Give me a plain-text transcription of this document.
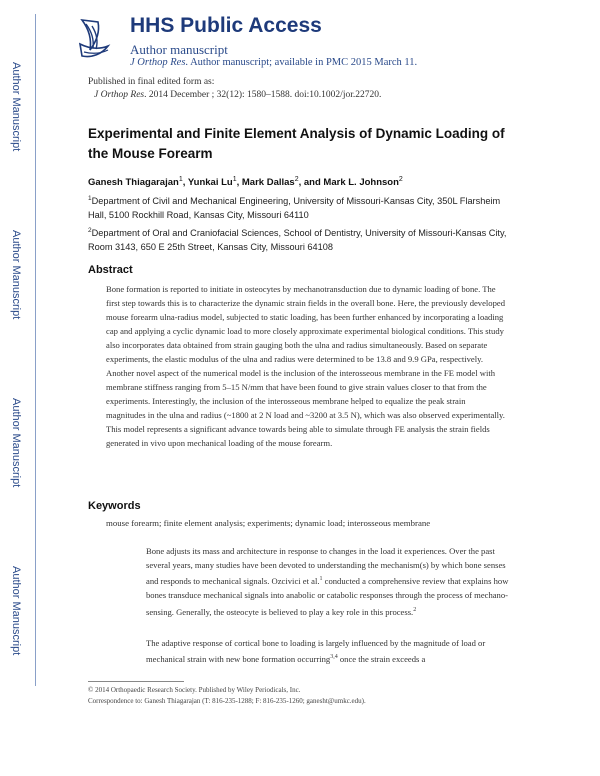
Author Manuscript
Author Manuscript
Author Manuscript
Author Manuscript
HHS Public Access
Author manuscript
J Orthop Res. Author manuscript; available in PMC 2015 March 11.
Published in final edited form as:
J Orthop Res. 2014 December ; 32(12): 1580–1588. doi:10.1002/jor.22720.
Experimental and Finite Element Analysis of Dynamic Loading of the Mouse Forearm
Ganesh Thiagarajan$^1$, Yunkai Lu$^1$, Mark Dallas$^2$, and Mark L. Johnson$^2$
$^1$Department of Civil and Mechanical Engineering, University of Missouri-Kansas City, 350L Flarsheim Hall, 5100 Rockhill Road, Kansas City, Missouri 64110
$^2$Department of Oral and Craniofacial Sciences, School of Dentistry, University of Missouri-Kansas City, Room 3143, 650 E 25th Street, Kansas City, Missouri 64108
Abstract

Bone formation is reported to initiate in osteocytes by mechanotransduction due to dynamic loading of bone. The first step towards this is to characterize the dynamic strain fields in the overall bone. Here, the previously developed mouse forearm ulna-radius model, subjected to static loading, has been further enhanced by incorporating a loading cap and applying a cyclic dynamic load to more closely approximate experimental biological conditions. This study also incorporates data obtained from strain gauging both the ulna and radius simultaneously. Based on separate experiments, the elastic modulus of the ulna and radius were determined to be 13.8 and 9.9 GPa, respectively. Another novel aspect of the numerical model is the inclusion of the interosseous membrane in the FE model with membrane stiffness ranging from 5–15 N/mm that have been found to give strain values closer to that from the experiments. Interestingly, the inclusion of the interosseous membrane helped to equalize the peak strain magnitudes in the ulna and radius (~1800 at 2 N load and ~3200 at 3.5 N), which was also observed experimentally. This model represents a significant advance towards being able to simulate through FE analysis the strain fields generated in vivo upon mechanical loading of the mouse forearm.

Keywords
mouse forearm; finite element analysis; experiments; dynamic load; interosseous membrane

Bone adjusts its mass and architecture in response to changes in the load it experiences. Over the past several years, many studies have been devoted to understanding the mechanism(s) by which bone senses and responds to mechanical signals. Ozcivici et al.$^1$ conducted a comprehensive review that explains how bones transduce mechanical signals into anabolic or catabolic responses through the process of mechano-sensing. Generally, the osteocyte is believed to play a key role in this process.$^2$

The adaptive response of cortical bone to loading is largely influenced by the magnitude of load or mechanical strain with new bone formation occurring$^{3,4}$ once the strain exceeds a

© 2014 Orthopaedic Research Society. Published by Wiley Periodicals, Inc.
Correspondence to: Ganesh Thiagarajan (T: 816-235-1288; F: 816-235-1260; ganesht@umkc.edu).
